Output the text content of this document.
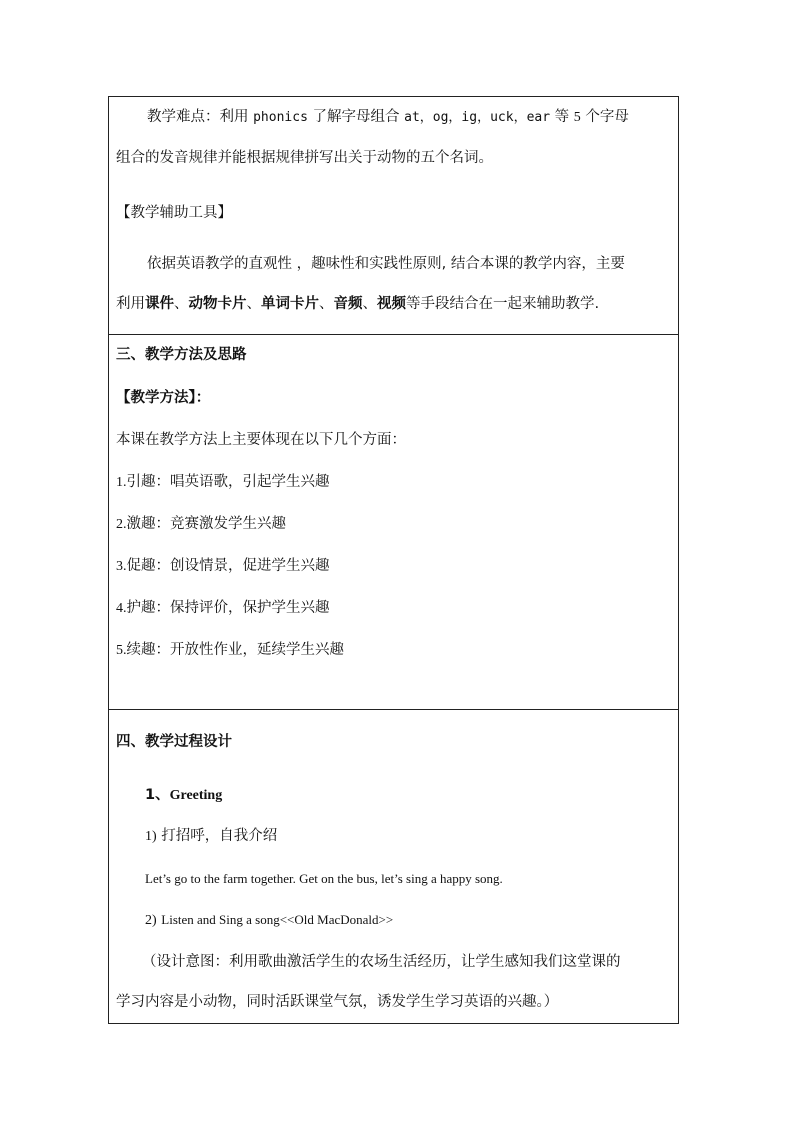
教学难点：利用 phonics 了解字母组合 at，og，ig，uck，ear 等 5 个字母
组合的发音规律并能根据规律拼写出关于动物的五个名词。
【教学辅助工具】
依据英语教学的直观性 ，趣味性和实践性原则, 结合本课的教学内容，主要
利用课件、动物卡片、单词卡片、音频、视频等手段结合在一起来辅助教学.
三、教学方法及思路
【教学方法】：
本课在教学方法上主要体现在以下几个方面：
1.引趣：唱英语歌，引起学生兴趣
2.激趣：竞赛激发学生兴趣
3.促趣：创设情景，促进学生兴趣
4.护趣：保持评价，保护学生兴趣
5.续趣：开放性作业，延续学生兴趣
四、教学过程设计
1、Greeting
1) 打招呼，自我介绍
Let’s go to the farm together. Get on the bus, let’s sing a happy song.
2) Listen and Sing a song<<Old MacDonald>>
（设计意图：利用歌曲激活学生的农场生活经历，让学生感知我们这堂课的
学习内容是小动物，同时活跃课堂气氛，诱发学生学习英语的兴趣。）
